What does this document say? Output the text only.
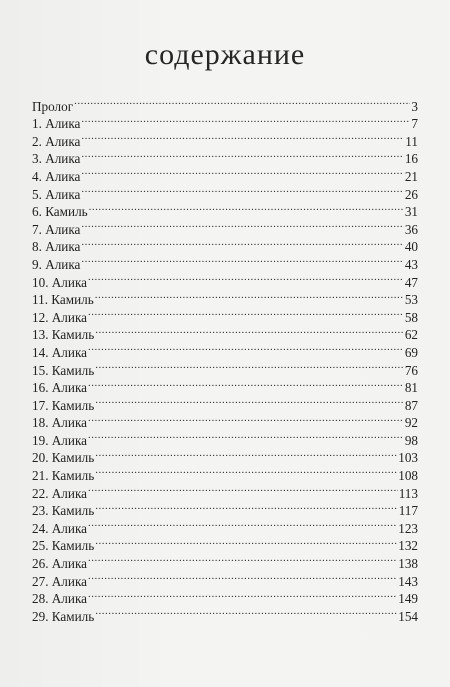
содержание
Пролог .....	3
1. Алика .....	7
2. Алика .....	11
3. Алика .....	16
4. Алика .....	21
5. Алика .....	26
6. Камиль .....	31
7. Алика .....	36
8. Алика .....	40
9. Алика .....	43
10. Алика .....	47
11. Камиль .....	53
12. Алика .....	58
13. Камиль .....	62
14. Алика .....	69
15. Камиль .....	76
16. Алика .....	81
17. Камиль .....	87
18. Алика .....	92
19. Алика .....	98
20. Камиль .....	103
21. Камиль .....	108
22. Алика .....	113
23. Камиль .....	117
24. Алика .....	123
25. Камиль .....	132
26. Алика .....	138
27. Алика .....	143
28. Алика .....	149
29. Камиль .....	154
